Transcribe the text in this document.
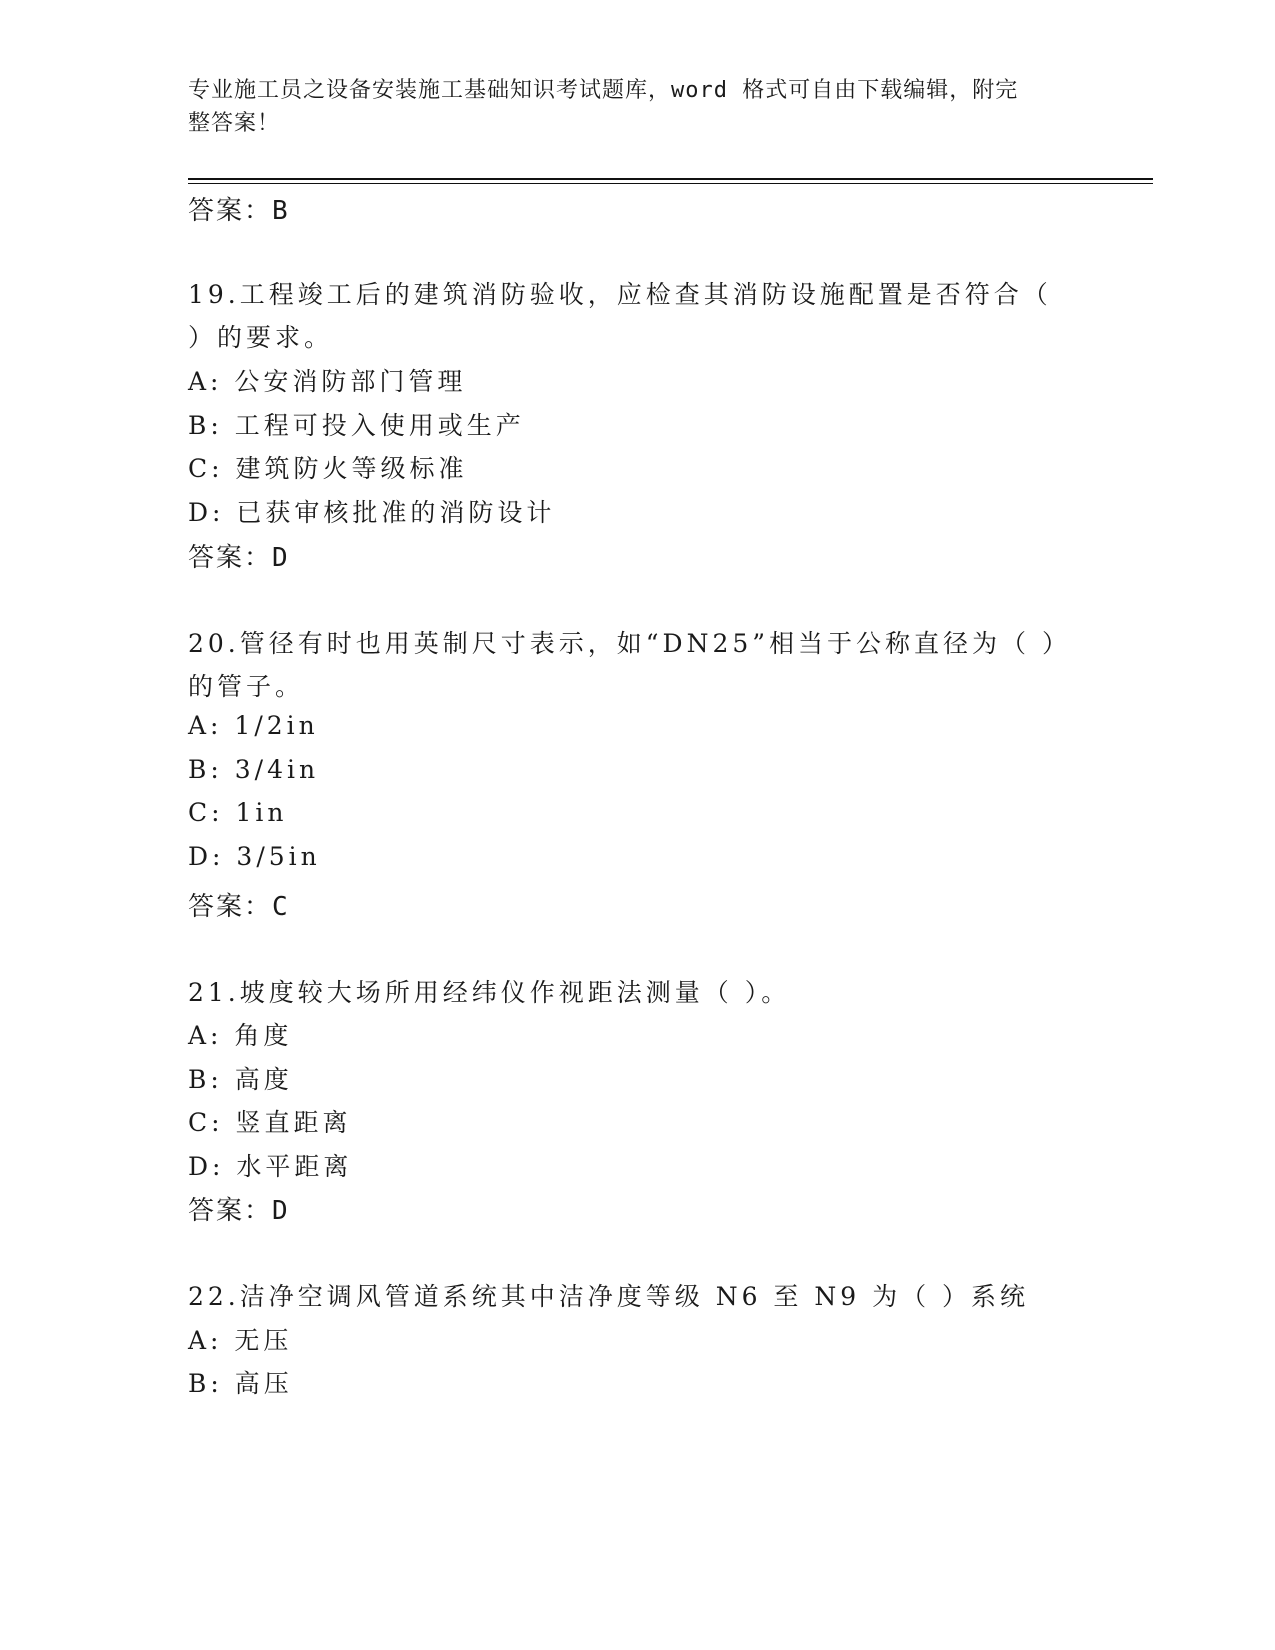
专业施工员之设备安装施工基础知识考试题库，word 格式可自由下载编辑，附完
整答案！
答案：B
19.工程竣工后的建筑消防验收，应检查其消防设施配置是否符合（
）的要求。
A: 公安消防部门管理
B: 工程可投入使用或生产
C: 建筑防火等级标准
D: 已获审核批准的消防设计
答案：D
20.管径有时也用英制尺寸表示，如“DN25”相当于公称直径为（ ）
的管子。
A: 1/2in
B: 3/4in
C: 1in
D: 3/5in
答案：C
21.坡度较大场所用经纬仪作视距法测量（ ）。
A: 角度
B: 高度
C: 竖直距离
D: 水平距离
答案：D
22.洁净空调风管道系统其中洁净度等级 N6 至 N9 为（ ）系统
A: 无压
B: 高压
